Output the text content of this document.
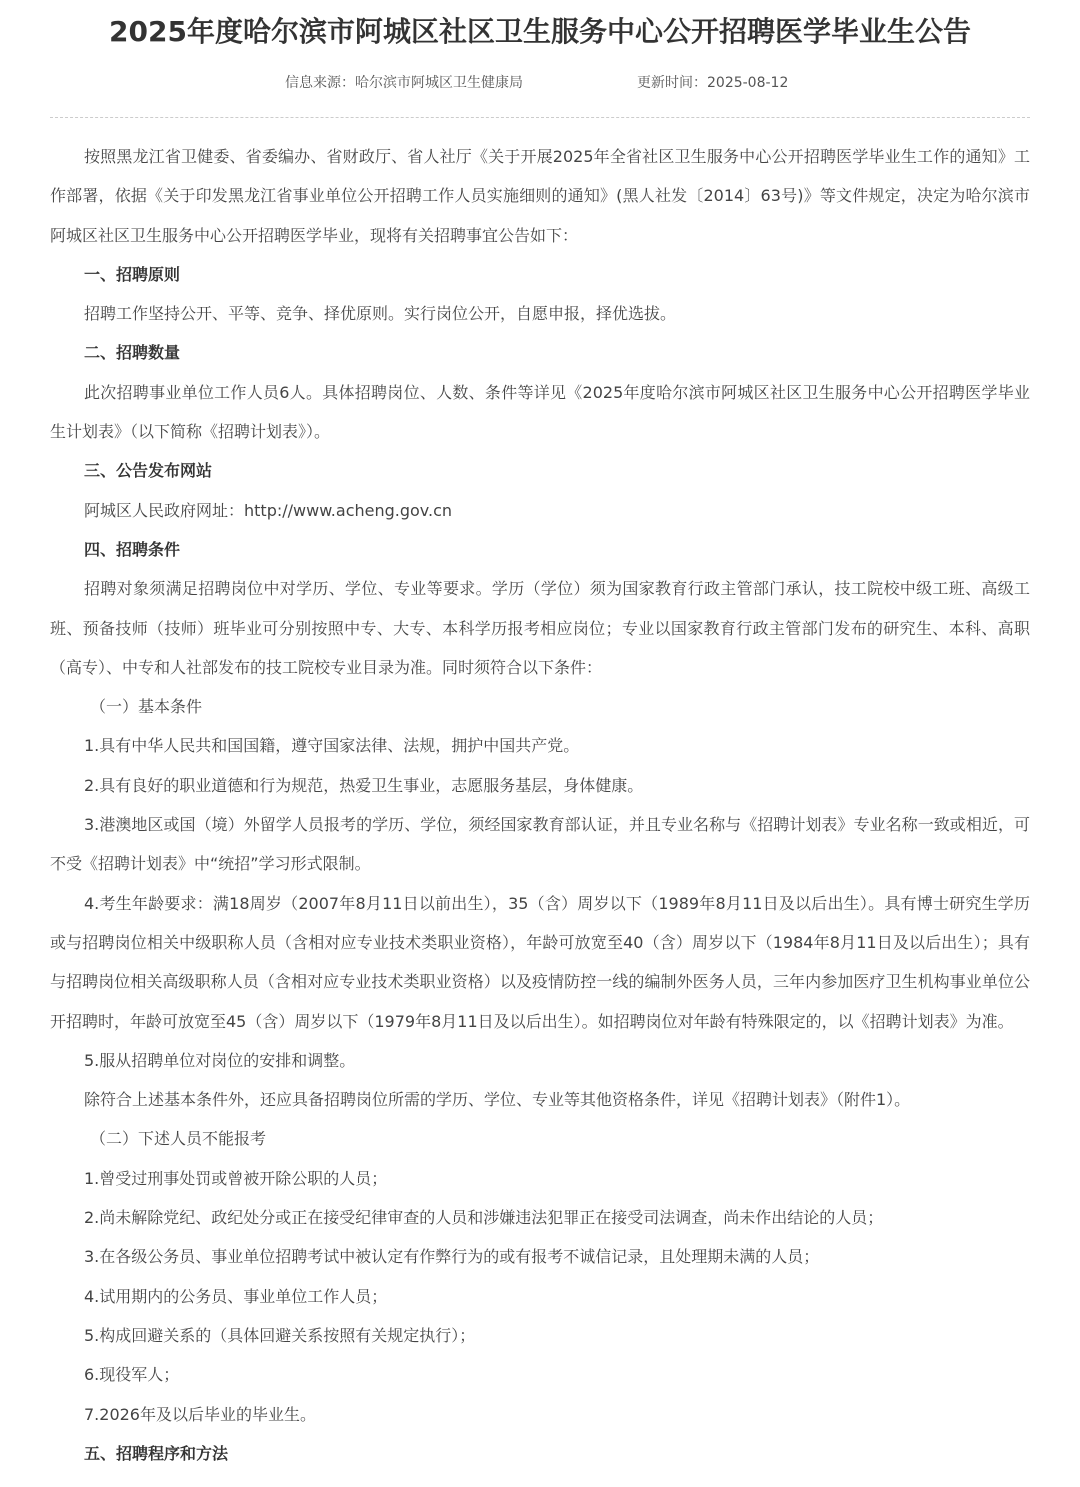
2025年度哈尔滨市阿城区社区卫生服务中心公开招聘医学毕业生公告
信息来源：哈尔滨市阿城区卫生健康局	更新时间：2025-08-12

按照黑龙江省卫健委、省委编办、省财政厅、省人社厅《关于开展2025年全省社区卫生服务中心公开招聘医学毕业生工作的通知》工作部署，依据《关于印发黑龙江省事业单位公开招聘工作人员实施细则的通知》(黑人社发〔2014〕63号)》等文件规定，决定为哈尔滨市阿城区社区卫生服务中心公开招聘医学毕业，现将有关招聘事宜公告如下：

一、招聘原则

招聘工作坚持公开、平等、竞争、择优原则。实行岗位公开，自愿申报，择优选拔。

二、招聘数量

此次招聘事业单位工作人员6人。具体招聘岗位、人数、条件等详见《2025年度哈尔滨市阿城区社区卫生服务中心公开招聘医学毕业生计划表》（以下简称《招聘计划表》）。

三、公告发布网站

阿城区人民政府网址：http://www.acheng.gov.cn

四、招聘条件

招聘对象须满足招聘岗位中对学历、学位、专业等要求。学历（学位）须为国家教育行政主管部门承认，技工院校中级工班、高级工班、预备技师（技师）班毕业可分别按照中专、大专、本科学历报考相应岗位；专业以国家教育行政主管部门发布的研究生、本科、高职（高专）、中专和人社部发布的技工院校专业目录为准。同时须符合以下条件：

（一）基本条件

1.具有中华人民共和国国籍，遵守国家法律、法规，拥护中国共产党。

2.具有良好的职业道德和行为规范，热爱卫生事业，志愿服务基层，身体健康。

3.港澳地区或国（境）外留学人员报考的学历、学位，须经国家教育部认证，并且专业名称与《招聘计划表》专业名称一致或相近，可不受《招聘计划表》中“统招”学习形式限制。

4.考生年龄要求：满18周岁（2007年8月11日以前出生），35（含）周岁以下（1989年8月11日及以后出生）。具有博士研究生学历或与招聘岗位相关中级职称人员（含相对应专业技术类职业资格），年龄可放宽至40（含）周岁以下（1984年8月11日及以后出生）；具有与招聘岗位相关高级职称人员（含相对应专业技术类职业资格）以及疫情防控一线的编制外医务人员，三年内参加医疗卫生机构事业单位公开招聘时，年龄可放宽至45（含）周岁以下（1979年8月11日及以后出生）。如招聘岗位对年龄有特殊限定的，以《招聘计划表》为准。

5.服从招聘单位对岗位的安排和调整。

除符合上述基本条件外，还应具备招聘岗位所需的学历、学位、专业等其他资格条件，详见《招聘计划表》（附件1）。

（二）下述人员不能报考

1.曾受过刑事处罚或曾被开除公职的人员；

2.尚未解除党纪、政纪处分或正在接受纪律审查的人员和涉嫌违法犯罪正在接受司法调查，尚未作出结论的人员；

3.在各级公务员、事业单位招聘考试中被认定有作弊行为的或有报考不诚信记录，且处理期未满的人员；

4.试用期内的公务员、事业单位工作人员；

5.构成回避关系的（具体回避关系按照有关规定执行）；

6.现役军人；

7.2026年及以后毕业的毕业生。

五、招聘程序和方法
